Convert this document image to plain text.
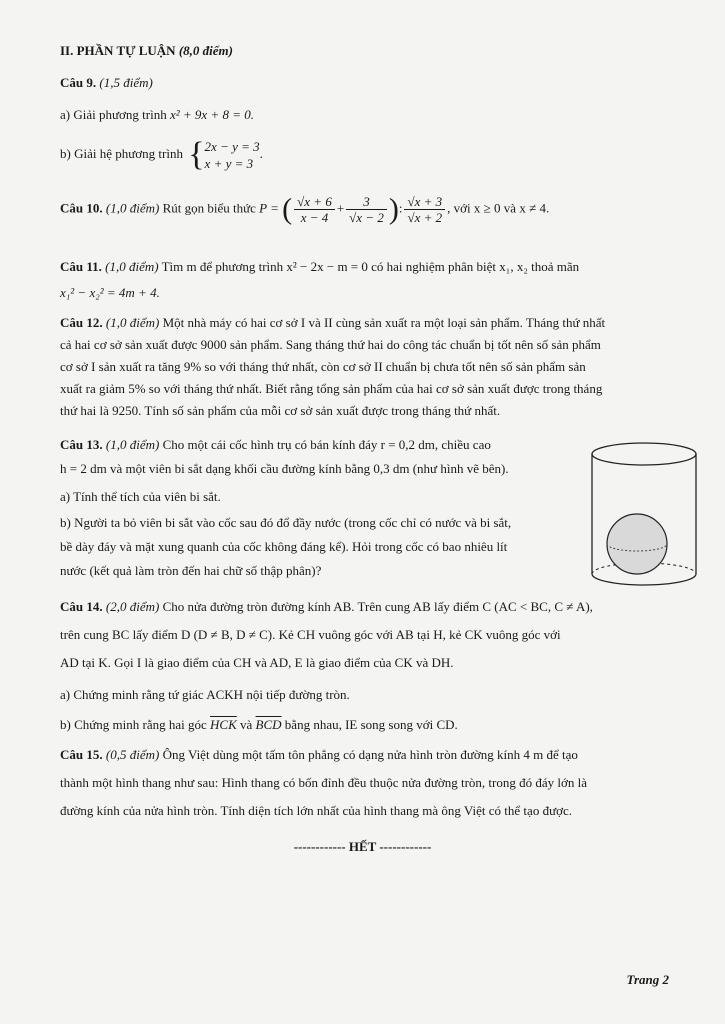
II. PHẦN TỰ LUẬN (8,0 điểm)
Câu 9. (1,5 điểm)
a) Giải phương trình x² + 9x + 8 = 0.
b) Giải hệ phương trình {2x − y = 3
x + y = 3.
Câu 10. (1,0 điểm) Rút gọn biểu thức P = ( $\frac{√x + 6}{x - 4} + \frac{3}{√x - 2}$ ): $\frac{√x + 3}{√x + 2}$ , với x ≥ 0 và x ≠ 4.
Câu 11. (1,0 điểm) Tìm m để phương trình x² − 2x − m = 0 có hai nghiệm phân biệt x₁, x₂ thoả mãn
x₁² − x₂² = 4m + 4.
Câu 12. (1,0 điểm) Một nhà máy có hai cơ sở I và II cùng sản xuất ra một loại sản phẩm. Tháng thứ nhất
cả hai cơ sở sản xuất được 9000 sản phẩm. Sang tháng thứ hai do công tác chuẩn bị tốt nên số sản phẩm
cơ sở I sản xuất ra tăng 9% so với tháng thứ nhất, còn cơ sở II chuẩn bị chưa tốt nên số sản phẩm sản
xuất ra giảm 5% so với tháng thứ nhất. Biết rằng tổng sản phẩm của hai cơ sở sản xuất được trong tháng
thứ hai là 9250. Tính số sản phẩm của mỗi cơ sở sản xuất được trong tháng thứ nhất.
Câu 13. (1,0 điểm) Cho một cái cốc hình trụ có bán kính đáy r = 0,2 dm, chiều cao
h = 2 dm và một viên bi sắt dạng khối cầu đường kính bằng 0,3 dm (như hình vẽ bên).
a) Tính thể tích của viên bi sắt.
b) Người ta bỏ viên bi sắt vào cốc sau đó đổ đầy nước (trong cốc chỉ có nước và bi sắt,
bề dày đáy và mặt xung quanh của cốc không đáng kể). Hỏi trong cốc có bao nhiêu lít
nước (kết quả làm tròn đến hai chữ số thập phân)?
Câu 14. (2,0 điểm) Cho nửa đường tròn đường kính AB. Trên cung AB lấy điểm C (AC < BC, C ≠ A),
trên cung BC lấy điểm D (D ≠ B, D ≠ C). Kẻ CH vuông góc với AB tại H, kẻ CK vuông góc với
AD tại K. Gọi I là giao điểm của CH và AD, E là giao điểm của CK và DH.
a) Chứng minh rằng tứ giác ACKH nội tiếp đường tròn.
b) Chứng minh rằng hai góc $\overline{HCK}$ và $\overline{BCD}$ bằng nhau, IE song song với CD.
Câu 15. (0,5 điểm) Ông Việt dùng một tấm tôn phẳng có dạng nửa hình tròn đường kính 4 m để tạo
thành một hình thang như sau: Hình thang có bốn đỉnh đều thuộc nửa đường tròn, trong đó đáy lớn là
đường kính của nửa hình tròn. Tính diện tích lớn nhất của hình thang mà ông Việt có thể tạo được.
------------ HẾT ------------
Trang 2
